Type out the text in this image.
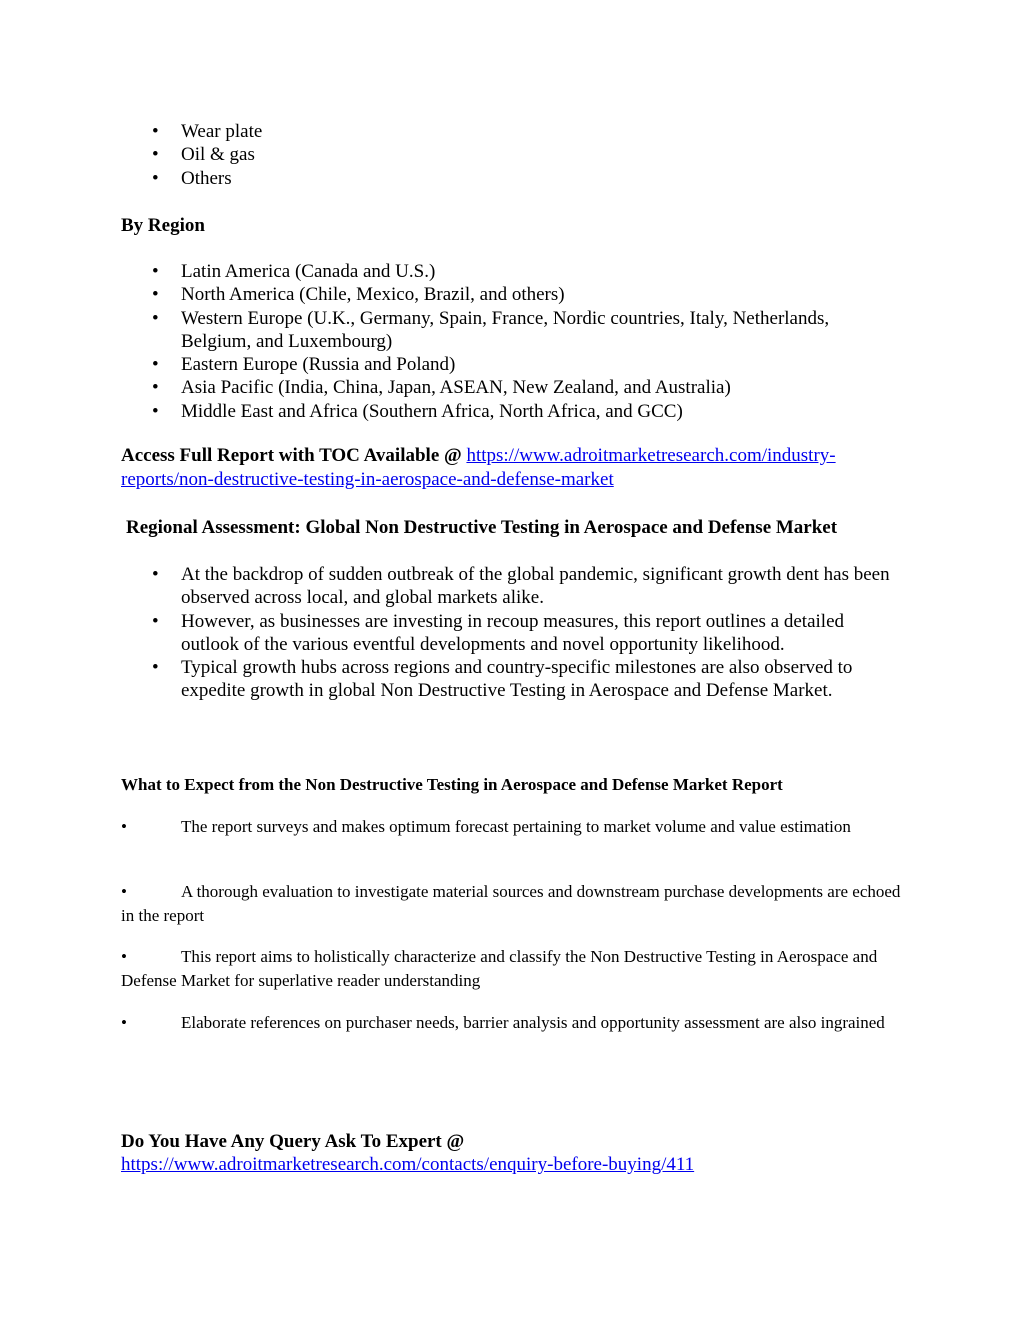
• Wear plate
• Oil & gas
• Others
By Region
• Latin America (Canada and U.S.)
• North America (Chile, Mexico, Brazil, and others)
• Western Europe (U.K., Germany, Spain, France, Nordic countries, Italy, Netherlands, Belgium, and Luxembourg)
• Eastern Europe (Russia and Poland)
• Asia Pacific (India, China, Japan, ASEAN, New Zealand, and Australia)
• Middle East and Africa (Southern Africa, North Africa, and GCC)

Access Full Report with TOC Available @ https://www.adroitmarketresearch.com/industry-reports/non-destructive-testing-in-aerospace-and-defense-market

Regional Assessment: Global Non Destructive Testing in Aerospace and Defense Market
• At the backdrop of sudden outbreak of the global pandemic, significant growth dent has been observed across local, and global markets alike.
• However, as businesses are investing in recoup measures, this report outlines a detailed outlook of the various eventful developments and novel opportunity likelihood.
• Typical growth hubs across regions and country-specific milestones are also observed to expedite growth in global Non Destructive Testing in Aerospace and Defense Market.
What to Expect from the Non Destructive Testing in Aerospace and Defense Market Report

•	The report surveys and makes optimum forecast pertaining to market volume and value estimation

•	A thorough evaluation to investigate material sources and downstream purchase developments are echoed in the report

•	This report aims to holistically characterize and classify the Non Destructive Testing in Aerospace and Defense Market for superlative reader understanding

•	Elaborate references on purchaser needs, barrier analysis and opportunity assessment are also ingrained

Do You Have Any Query Ask To Expert @
https://www.adroitmarketresearch.com/contacts/enquiry-before-buying/411
